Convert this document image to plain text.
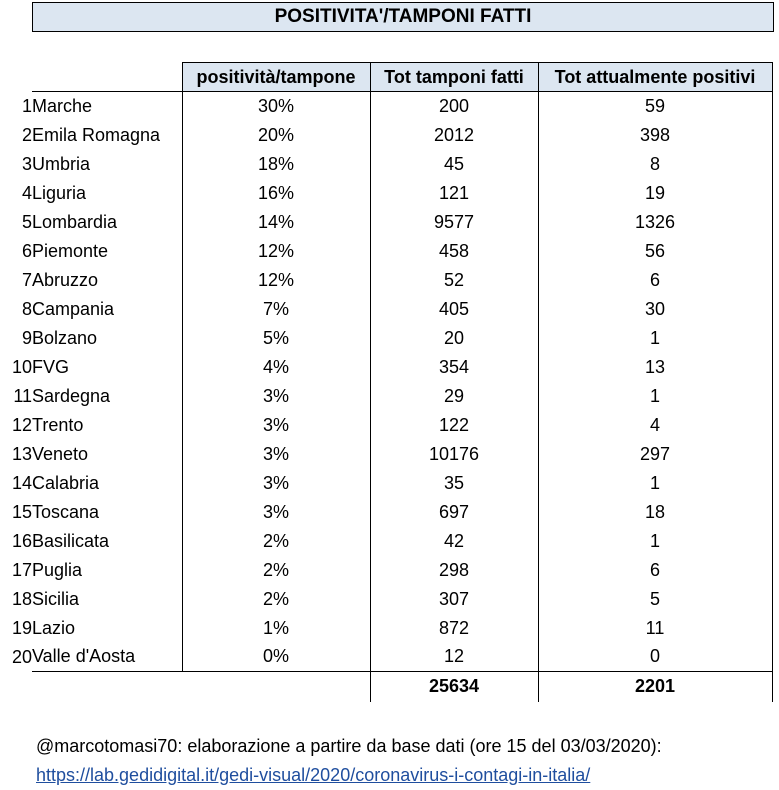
POSITIVITA'/TAMPONI FATTI
		positività/tampone	Tot tamponi fatti	Tot attualmente positivi
1	Marche	30%	200	59
2	Emila Romagna	20%	2012	398
3	Umbria	18%	45	8
4	Liguria	16%	121	19
5	Lombardia	14%	9577	1326
6	Piemonte	12%	458	56
7	Abruzzo	12%	52	6
8	Campania	7%	405	30
9	Bolzano	5%	20	1
10	FVG	4%	354	13
11	Sardegna	3%	29	1
12	Trento	3%	122	4
13	Veneto	3%	10176	297
14	Calabria	3%	35	1
15	Toscana	3%	697	18
16	Basilicata	2%	42	1
17	Puglia	2%	298	6
18	Sicilia	2%	307	5
19	Lazio	1%	872	11
20	Valle d'Aosta	0%	12	0
			25634	2201
@marcotomasi70: elaborazione a partire da base dati (ore 15 del 03/03/2020):
https://lab.gedidigital.it/gedi-visual/2020/coronavirus-i-contagi-in-italia/
